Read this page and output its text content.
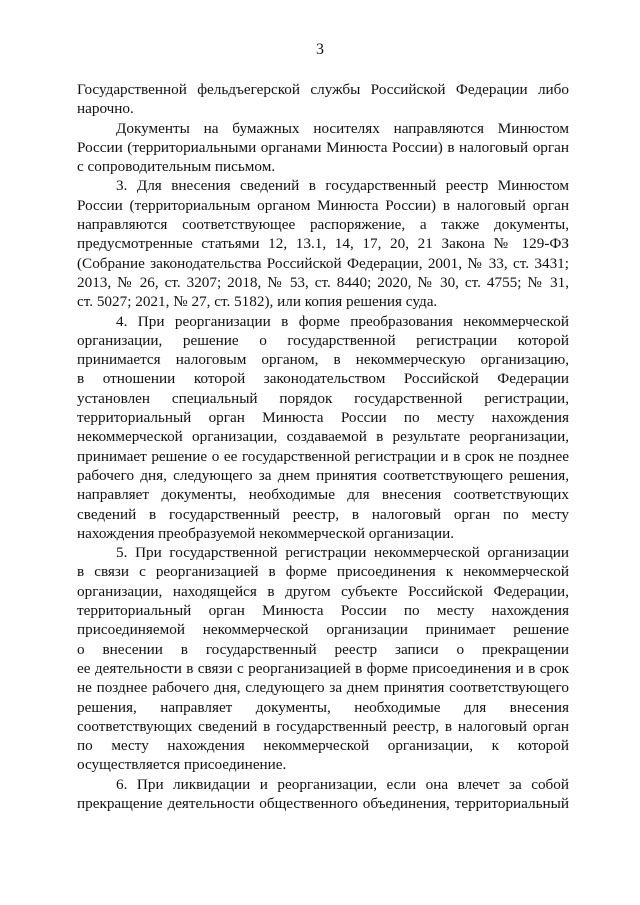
3
Государственной фельдъегерской службы Российской Федерации либо
нарочно.
Документы на бумажных носителях направляются Минюстом
России (территориальными органами Минюста России) в налоговый орган
с сопроводительным письмом.
3. Для внесения сведений в государственный реестр Минюстом
России (территориальным органом Минюста России) в налоговый орган
направляются соответствующее распоряжение, а также документы,
предусмотренные статьями 12, 13.1, 14, 17, 20, 21 Закона № 129-ФЗ
(Собрание законодательства Российской Федерации, 2001, № 33, ст. 3431;
2013, № 26, ст. 3207; 2018, № 53, ст. 8440; 2020, № 30, ст. 4755; № 31,
ст. 5027; 2021, № 27, ст. 5182), или копия решения суда.
4. При реорганизации в форме преобразования некоммерческой
организации, решение о государственной регистрации которой
принимается налоговым органом, в некоммерческую организацию,
в отношении которой законодательством Российской Федерации
установлен специальный порядок государственной регистрации,
территориальный орган Минюста России по месту нахождения
некоммерческой организации, создаваемой в результате реорганизации,
принимает решение о ее государственной регистрации и в срок не позднее
рабочего дня, следующего за днем принятия соответствующего решения,
направляет документы, необходимые для внесения соответствующих
сведений в государственный реестр, в налоговый орган по месту
нахождения преобразуемой некоммерческой организации.
5. При государственной регистрации некоммерческой организации
в связи с реорганизацией в форме присоединения к некоммерческой
организации, находящейся в другом субъекте Российской Федерации,
территориальный орган Минюста России по месту нахождения
присоединяемой некоммерческой организации принимает решение
о внесении в государственный реестр записи о прекращении
ее деятельности в связи с реорганизацией в форме присоединения и в срок
не позднее рабочего дня, следующего за днем принятия соответствующего
решения, направляет документы, необходимые для внесения
соответствующих сведений в государственный реестр, в налоговый орган
по месту нахождения некоммерческой организации, к которой
осуществляется присоединение.
6. При ликвидации и реорганизации, если она влечет за собой
прекращение деятельности общественного объединения, территориальный
